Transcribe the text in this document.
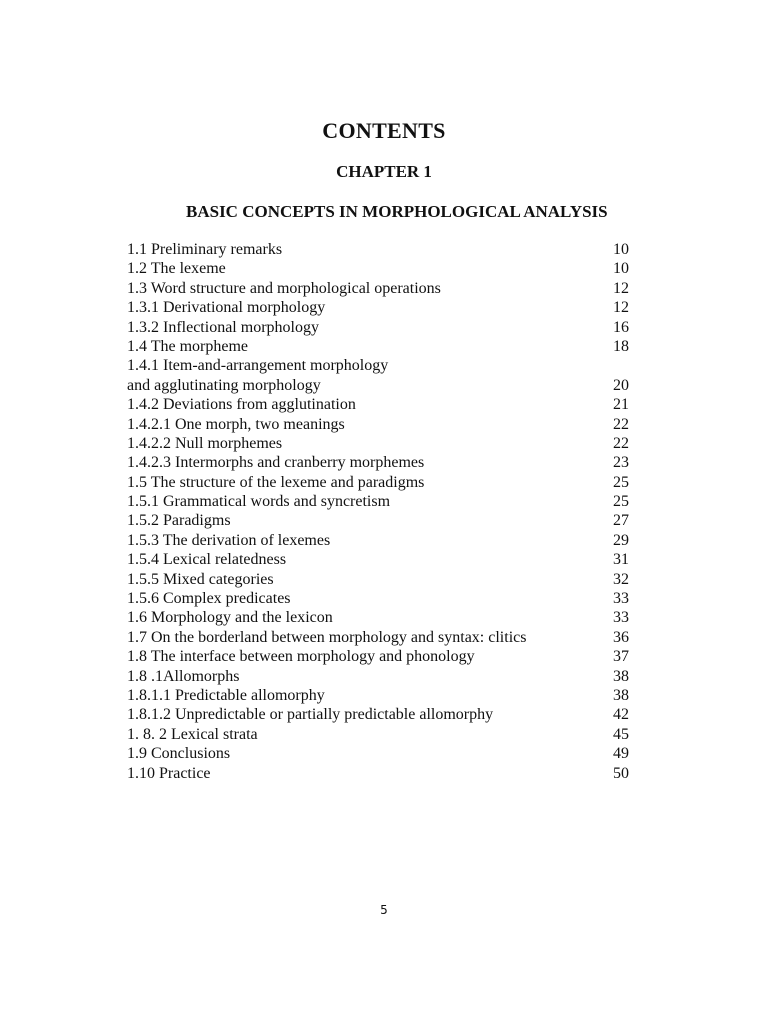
CONTENTS
CHAPTER 1
BASIC CONCEPTS IN MORPHOLOGICAL ANALYSIS
1.1 Preliminary remarks	10
1.2 The lexeme	10
1.3 Word structure and morphological operations	12
1.3.1 Derivational morphology	12
1.3.2 Inflectional morphology	16
1.4 The morpheme	18
1.4.1 Item-and-arrangement morphology
and agglutinating morphology	20
1.4.2 Deviations from agglutination	21
1.4.2.1 One morph, two meanings	22
1.4.2.2 Null morphemes	22
1.4.2.3 Intermorphs and cranberry morphemes	23
1.5 The structure of the lexeme and paradigms	25
1.5.1 Grammatical words and syncretism	25
1.5.2 Paradigms	27
1.5.3 The derivation of lexemes	29
1.5.4 Lexical relatedness	31
1.5.5 Mixed categories	32
1.5.6 Complex predicates	33
1.6 Morphology and the lexicon	33
1.7 On the borderland between morphology and syntax: clitics	36
1.8 The interface between morphology and phonology	37
1.8 .1Allomorphs	38
1.8.1.1 Predictable allomorphy	38
1.8.1.2 Unpredictable or partially predictable allomorphy	42
1. 8. 2 Lexical strata	45
1.9 Conclusions	49
1.10 Practice	50
5
